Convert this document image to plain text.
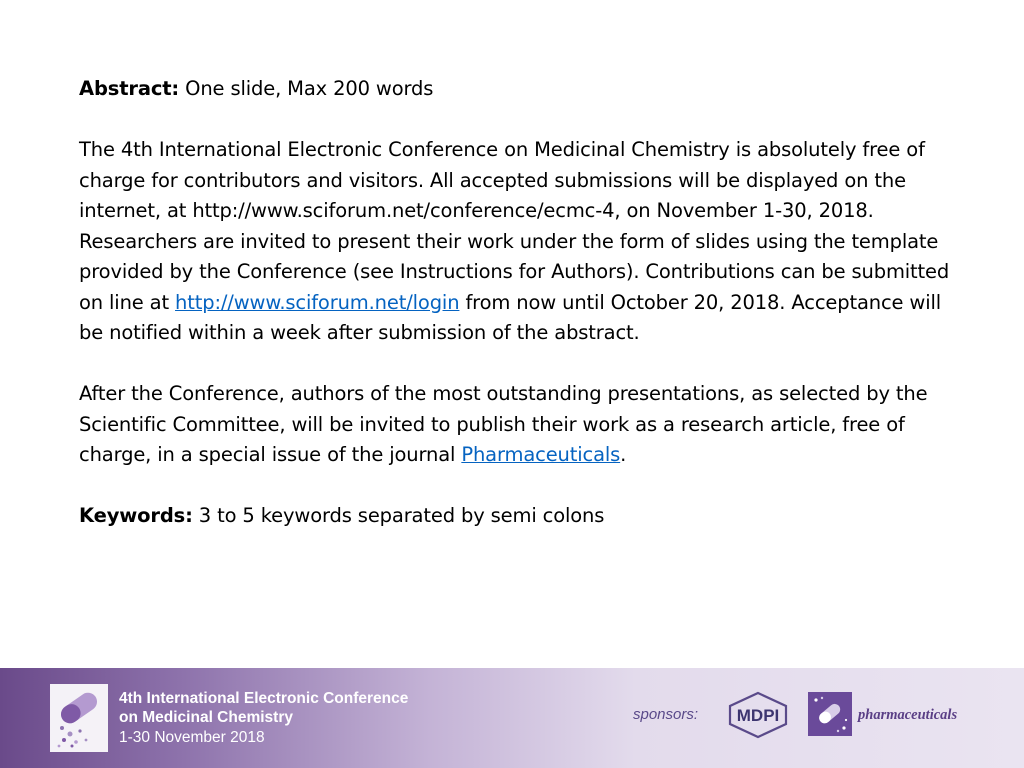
Abstract: One slide, Max 200 words

The 4th International Electronic Conference on Medicinal Chemistry is absolutely free of charge for contributors and visitors. All accepted submissions will be displayed on the internet, at http://www.sciforum.net/conference/ecmc-4, on November 1-30, 2018. Researchers are invited to present their work under the form of slides using the template provided by the Conference (see Instructions for Authors). Contributions can be submitted on line at http://www.sciforum.net/login from now until October 20, 2018. Acceptance will be notified within a week after submission of the abstract.

After the Conference, authors of the most outstanding presentations, as selected by the Scientific Committee, will be invited to publish their work as a research article, free of charge, in a special issue of the journal Pharmaceuticals.

Keywords: 3 to 5 keywords separated by semi colons

4th International Electronic Conference
on Medicinal Chemistry
1-30 November 2018
sponsors: MDPI	pharmaceuticals
